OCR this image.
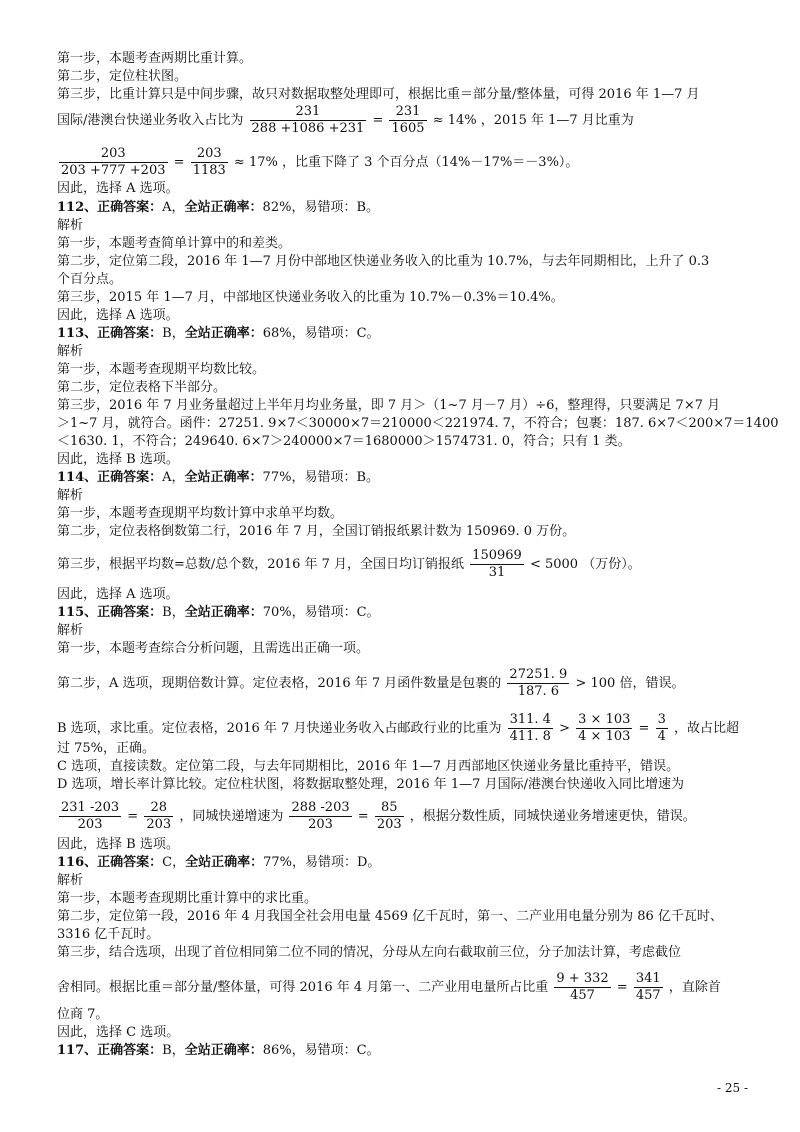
第一步，本题考查两期比重计算。
第二步，定位柱状图。
第三步，比重计算只是中间步骤，故只对数据取整处理即可，根据比重＝部分量/整体量，可得 2016 年 1—7 月
国际/港澳台快递业务收入占比为 $\frac{231}{288 +1086 +231} = \frac{231}{1605} \approx 14\%$ ，2015 年 1—7 月比重为
$\frac{203}{203 +777 +203} = \frac{203}{1183} \approx 17\%$ ，比重下降了 3 个百分点（14%－17%＝－3%）。
因此，选择 A 选项。
112、正确答案：A，全站正确率：82%，易错项：B。
解析
第一步，本题考查简单计算中的和差类。
第二步，定位第二段，2016 年 1—7 月份中部地区快递业务收入的比重为 10.7%，与去年同期相比，上升了 0.3
个百分点。
第三步，2015 年 1—7 月，中部地区快递业务收入的比重为 10.7%－0.3%＝10.4%。
因此，选择 A 选项。
113、正确答案：B，全站正确率：68%，易错项：C。
解析
第一步，本题考查现期平均数比较。
第二步，定位表格下半部分。
第三步，2016 年 7 月业务量超过上半年月均业务量，即 7 月＞（1~7 月－7 月）÷6，整理得，只要满足 7×7 月
＞1~7 月，就符合。函件：27251. 9×7＜30000×7＝210000＜221974. 7，不符合；包裹：187. 6×7＜200×7＝1400
＜1630. 1，不符合；249640. 6×7＞240000×7＝1680000＞1574731. 0，符合；只有 1 类。
因此，选择 B 选项。
114、正确答案：A，全站正确率：77%，易错项：B。
解析
第一步，本题考查现期平均数计算中求单平均数。
第二步，定位表格倒数第二行，2016 年 7 月，全国订销报纸累计数为 150969. 0 万份。
第三步，根据平均数=总数/总个数，2016 年 7 月，全国日均订销报纸 $\frac{150969}{31} < 5000$ （万份）。
因此，选择 A 选项。
115、正确答案：B，全站正确率：70%，易错项：C。
解析
第一步，本题考查综合分析问题，且需选出正确一项。
第二步，A 选项，现期倍数计算。定位表格，2016 年 7 月函件数量是包裹的 $\frac{27251. 9}{187. 6} > 100$ 倍，错误。
B 选项，求比重。定位表格，2016 年 7 月快递业务收入占邮政行业的比重为 $\frac{311. 4}{411. 8} > \frac{3 \times 103}{4 \times 103} = \frac{3}{4}$ ，故占比超
过 75%，正确。
C 选项，直接读数。定位第二段，与去年同期相比，2016 年 1—7 月西部地区快递业务量比重持平，错误。
D 选项，增长率计算比较。定位柱状图，将数据取整处理，2016 年 1—7 月国际/港澳台快递收入同比增速为
$\frac{231 -203}{203} = \frac{28}{203}$ ，同城快递增速为 $\frac{288 -203}{203} = \frac{85}{203}$ ，根据分数性质，同城快递业务增速更快，错误。
因此，选择 B 选项。
116、正确答案：C，全站正确率：77%，易错项：D。
解析
第一步，本题考查现期比重计算中的求比重。
第二步，定位第一段，2016 年 4 月我国全社会用电量 4569 亿千瓦时，第一、二产业用电量分别为 86 亿千瓦时、
3316 亿千瓦时。
第三步，结合选项，出现了首位相同第二位不同的情况，分母从左向右截取前三位，分子加法计算，考虑截位
舍相同。根据比重＝部分量/整体量，可得 2016 年 4 月第一、二产业用电量所占比重 $\frac{9 + 332}{457} = \frac{341}{457}$ ，直除首
位商 7。
因此，选择 C 选项。
117、正确答案：B，全站正确率：86%，易错项：C。
- 25 -
